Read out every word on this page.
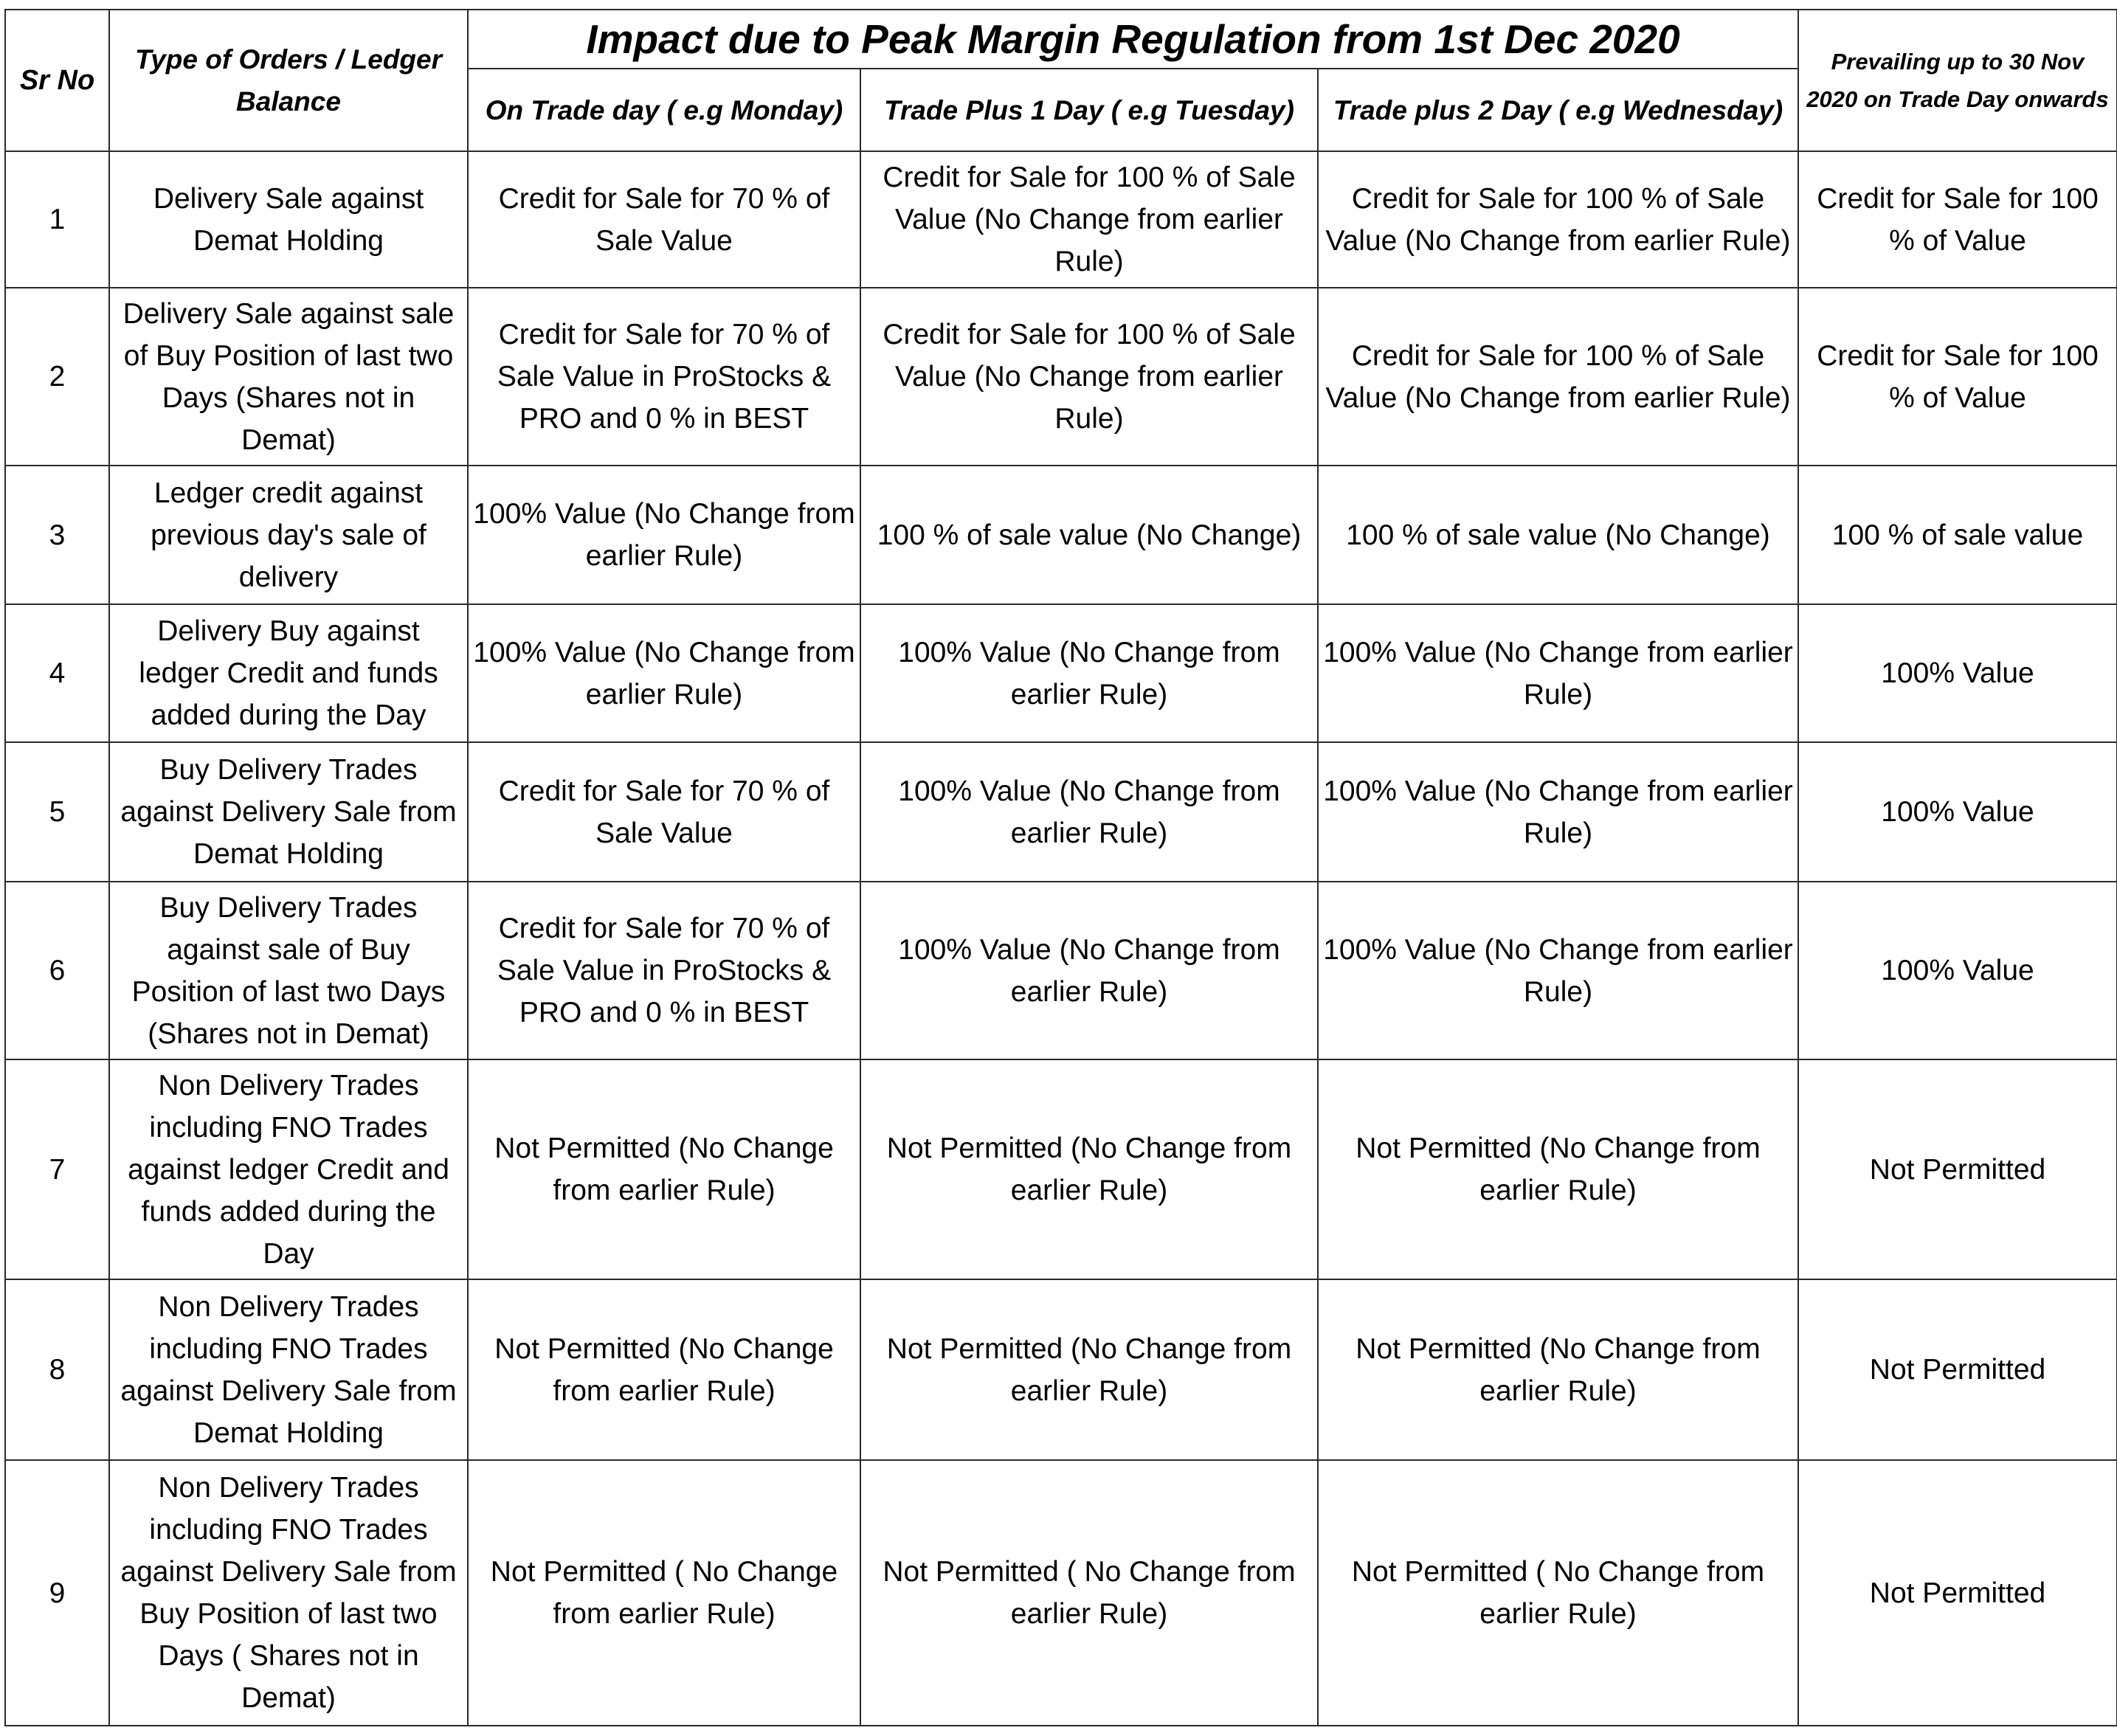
Sr No	Type of Orders / Ledger Balance	Impact due to Peak Margin Regulation from 1st Dec 2020			Prevailing up to 30 Nov 2020 on Trade Day onwards
		On Trade day ( e.g Monday)	Trade Plus 1 Day ( e.g Tuesday)	Trade plus 2 Day ( e.g Wednesday)	
1	Delivery Sale against Demat Holding	Credit for Sale for 70 % of Sale Value	Credit for Sale for 100 % of Sale Value (No Change from earlier Rule)	Credit for Sale for 100 % of Sale Value (No Change from earlier Rule)	Credit for Sale for 100 % of Value
2	Delivery Sale against sale of Buy Position of last two Days (Shares not in Demat)	Credit for Sale for 70 % of Sale Value in ProStocks & PRO and 0 % in BEST	Credit for Sale for 100 % of Sale Value (No Change from earlier Rule)	Credit for Sale for 100 % of Sale Value (No Change from earlier Rule)	Credit for Sale for 100 % of Value
3	Ledger credit against previous day's sale of delivery	100% Value (No Change from earlier Rule)	100 % of sale value (No Change)	100 % of sale value (No Change)	100 % of sale value
4	Delivery Buy against ledger Credit and funds added during the Day	100% Value (No Change from earlier Rule)	100% Value (No Change from earlier Rule)	100% Value (No Change from earlier Rule)	100% Value
5	Buy Delivery Trades against Delivery Sale from Demat Holding	Credit for Sale for 70 % of Sale Value	100% Value (No Change from earlier Rule)	100% Value (No Change from earlier Rule)	100% Value
6	Buy Delivery Trades against sale of Buy Position of last two Days (Shares not in Demat)	Credit for Sale for 70 % of Sale Value in ProStocks & PRO and 0 % in BEST	100% Value (No Change from earlier Rule)	100% Value (No Change from earlier Rule)	100% Value
7	Non Delivery Trades including FNO Trades against ledger Credit and funds added during the Day	Not Permitted (No Change from earlier Rule)	Not Permitted (No Change from earlier Rule)	Not Permitted (No Change from earlier Rule)	Not Permitted
8	Non Delivery Trades including FNO Trades against Delivery Sale from Demat Holding	Not Permitted (No Change from earlier Rule)	Not Permitted (No Change from earlier Rule)	Not Permitted (No Change from earlier Rule)	Not Permitted
9	Non Delivery Trades including FNO Trades against Delivery Sale from Buy Position of last two Days ( Shares not in Demat)	Not Permitted ( No Change from earlier Rule)	Not Permitted ( No Change from earlier Rule)	Not Permitted ( No Change from earlier Rule)	Not Permitted
